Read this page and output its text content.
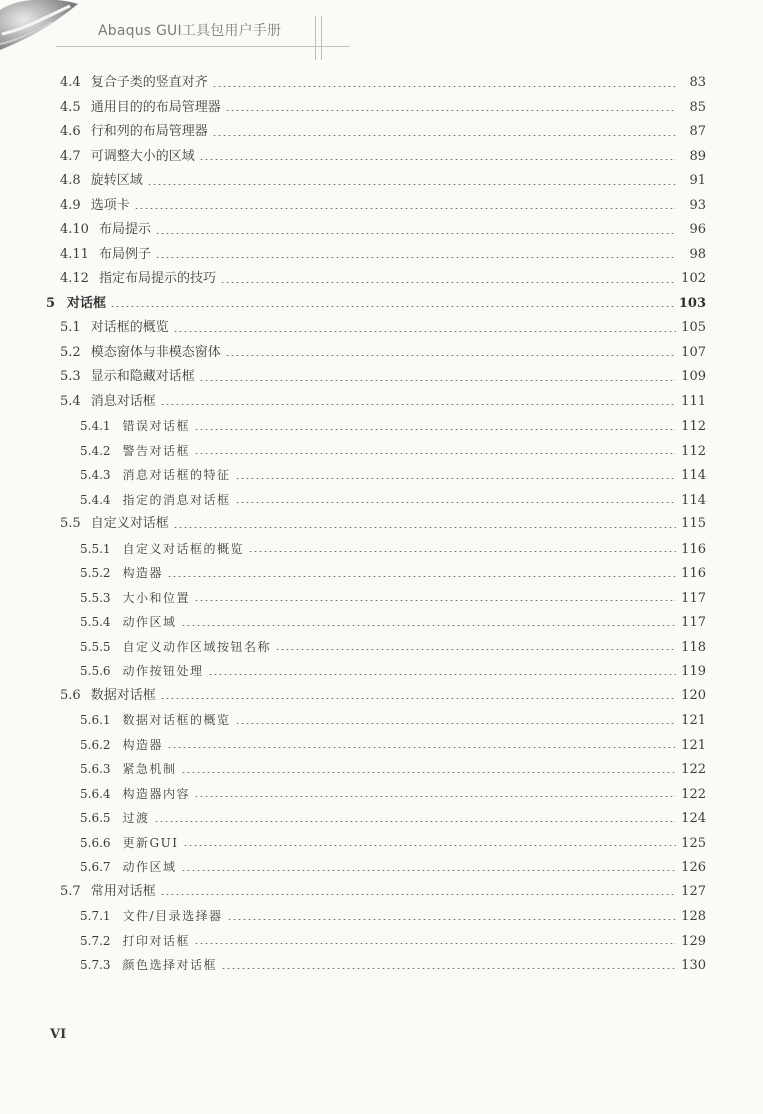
Abaqus GUI工具包用户手册
4.4 复合子类的竖直对齐	83
4.5 通用目的的布局管理器	85
4.6 行和列的布局管理器	87
4.7 可调整大小的区域	89
4.8 旋转区域	91
4.9 选项卡	93
4.10 布局提示	96
4.11 布局例子	98
4.12 指定布局提示的技巧	102
5 对话框	103
5.1 对话框的概览	105
5.2 模态窗体与非模态窗体	107
5.3 显示和隐藏对话框	109
5.4 消息对话框	111
5.4.1 错误对话框	112
5.4.2 警告对话框	112
5.4.3 消息对话框的特征	114
5.4.4 指定的消息对话框	114
5.5 自定义对话框	115
5.5.1 自定义对话框的概览	116
5.5.2 构造器	116
5.5.3 大小和位置	117
5.5.4 动作区域	117
5.5.5 自定义动作区域按钮名称	118
5.5.6 动作按钮处理	119
5.6 数据对话框	120
5.6.1 数据对话框的概览	121
5.6.2 构造器	121
5.6.3 紧急机制	122
5.6.4 构造器内容	122
5.6.5 过渡	124
5.6.6 更新GUI	125
5.6.7 动作区域	126
5.7 常用对话框	127
5.7.1 文件/目录选择器	128
5.7.2 打印对话框	129
5.7.3 颜色选择对话框	130
VI
